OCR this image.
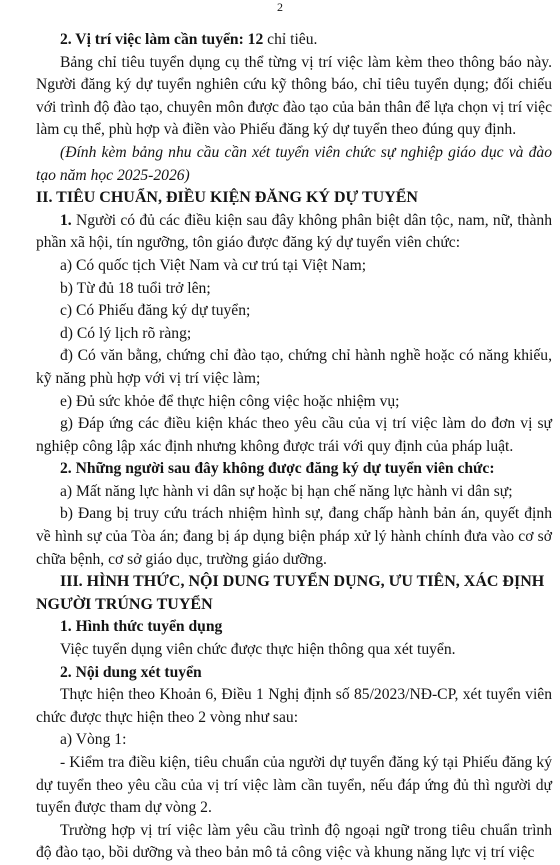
2

2. Vị trí việc làm cần tuyển: 12 chỉ tiêu.

Bảng chỉ tiêu tuyển dụng cụ thể từng vị trí việc làm kèm theo thông báo này. Người đăng ký dự tuyển nghiên cứu kỹ thông báo, chỉ tiêu tuyển dụng; đối chiếu với trình độ đào tạo, chuyên môn được đào tạo của bản thân để lựa chọn vị trí việc làm cụ thể, phù hợp và điền vào Phiếu đăng ký dự tuyển theo đúng quy định.

(Đính kèm bảng nhu cầu cần xét tuyển viên chức sự nghiệp giáo dục và đào tạo năm học 2025-2026)

II. TIÊU CHUẨN, ĐIỀU KIỆN ĐĂNG KÝ DỰ TUYỂN

1. Người có đủ các điều kiện sau đây không phân biệt dân tộc, nam, nữ, thành phần xã hội, tín ngưỡng, tôn giáo được đăng ký dự tuyển viên chức:

a) Có quốc tịch Việt Nam và cư trú tại Việt Nam;

b) Từ đủ 18 tuổi trở lên;

c) Có Phiếu đăng ký dự tuyển;

d) Có lý lịch rõ ràng;

đ) Có văn bằng, chứng chỉ đào tạo, chứng chỉ hành nghề hoặc có năng khiếu, kỹ năng phù hợp với vị trí việc làm;

e) Đủ sức khỏe để thực hiện công việc hoặc nhiệm vụ;

g) Đáp ứng các điều kiện khác theo yêu cầu của vị trí việc làm do đơn vị sự nghiệp công lập xác định nhưng không được trái với quy định của pháp luật.

2. Những người sau đây không được đăng ký dự tuyển viên chức:

a) Mất năng lực hành vi dân sự hoặc bị hạn chế năng lực hành vi dân sự;

b) Đang bị truy cứu trách nhiệm hình sự, đang chấp hành bản án, quyết định về hình sự của Tòa án; đang bị áp dụng biện pháp xử lý hành chính đưa vào cơ sở chữa bệnh, cơ sở giáo dục, trường giáo dưỡng.

III. HÌNH THỨC, NỘI DUNG TUYỂN DỤNG, ƯU TIÊN, XÁC ĐỊNH NGƯỜI TRÚNG TUYỂN

1. Hình thức tuyển dụng

Việc tuyển dụng viên chức được thực hiện thông qua xét tuyển.

2. Nội dung xét tuyển

Thực hiện theo Khoản 6, Điều 1 Nghị định số 85/2023/NĐ-CP, xét tuyển viên chức được thực hiện theo 2 vòng như sau:

a) Vòng 1:

- Kiểm tra điều kiện, tiêu chuẩn của người dự tuyển đăng ký tại Phiếu đăng ký dự tuyển theo yêu cầu của vị trí việc làm cần tuyển, nếu đáp ứng đủ thì người dự tuyển được tham dự vòng 2.

Trường hợp vị trí việc làm yêu cầu trình độ ngoại ngữ trong tiêu chuẩn trình độ đào tạo, bồi dưỡng và theo bản mô tả công việc và khung năng lực vị trí việc
